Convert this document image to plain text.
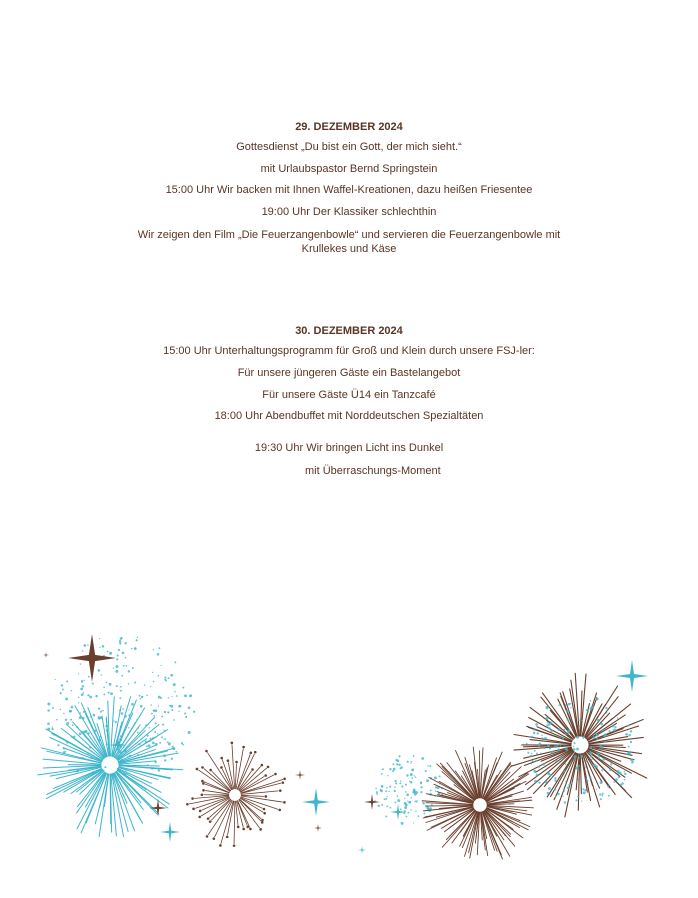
29. DEZEMBER 2024
Gottesdienst „Du bist ein Gott, der mich sieht.“
mit Urlaubspastor Bernd Springstein
15:00 Uhr Wir backen mit Ihnen Waffel-Kreationen, dazu heißen Friesentee
19:00 Uhr Der Klassiker schlechthin
Wir zeigen den Film „Die Feuerzangenbowle“ und servieren die Feuerzangenbowle mit
Krullekes und Käse
30. DEZEMBER 2024
15:00 Uhr Unterhaltungsprogramm für Groß und Klein durch unsere FSJ-ler:
Für unsere jüngeren Gäste ein Bastelangebot
Für unsere Gäste Ü14 ein Tanzcafé
18:00 Uhr Abendbuffet mit Norddeutschen Spezialtäten
19:30 Uhr Wir bringen Licht ins Dunkel
mit Überraschungs-Moment
